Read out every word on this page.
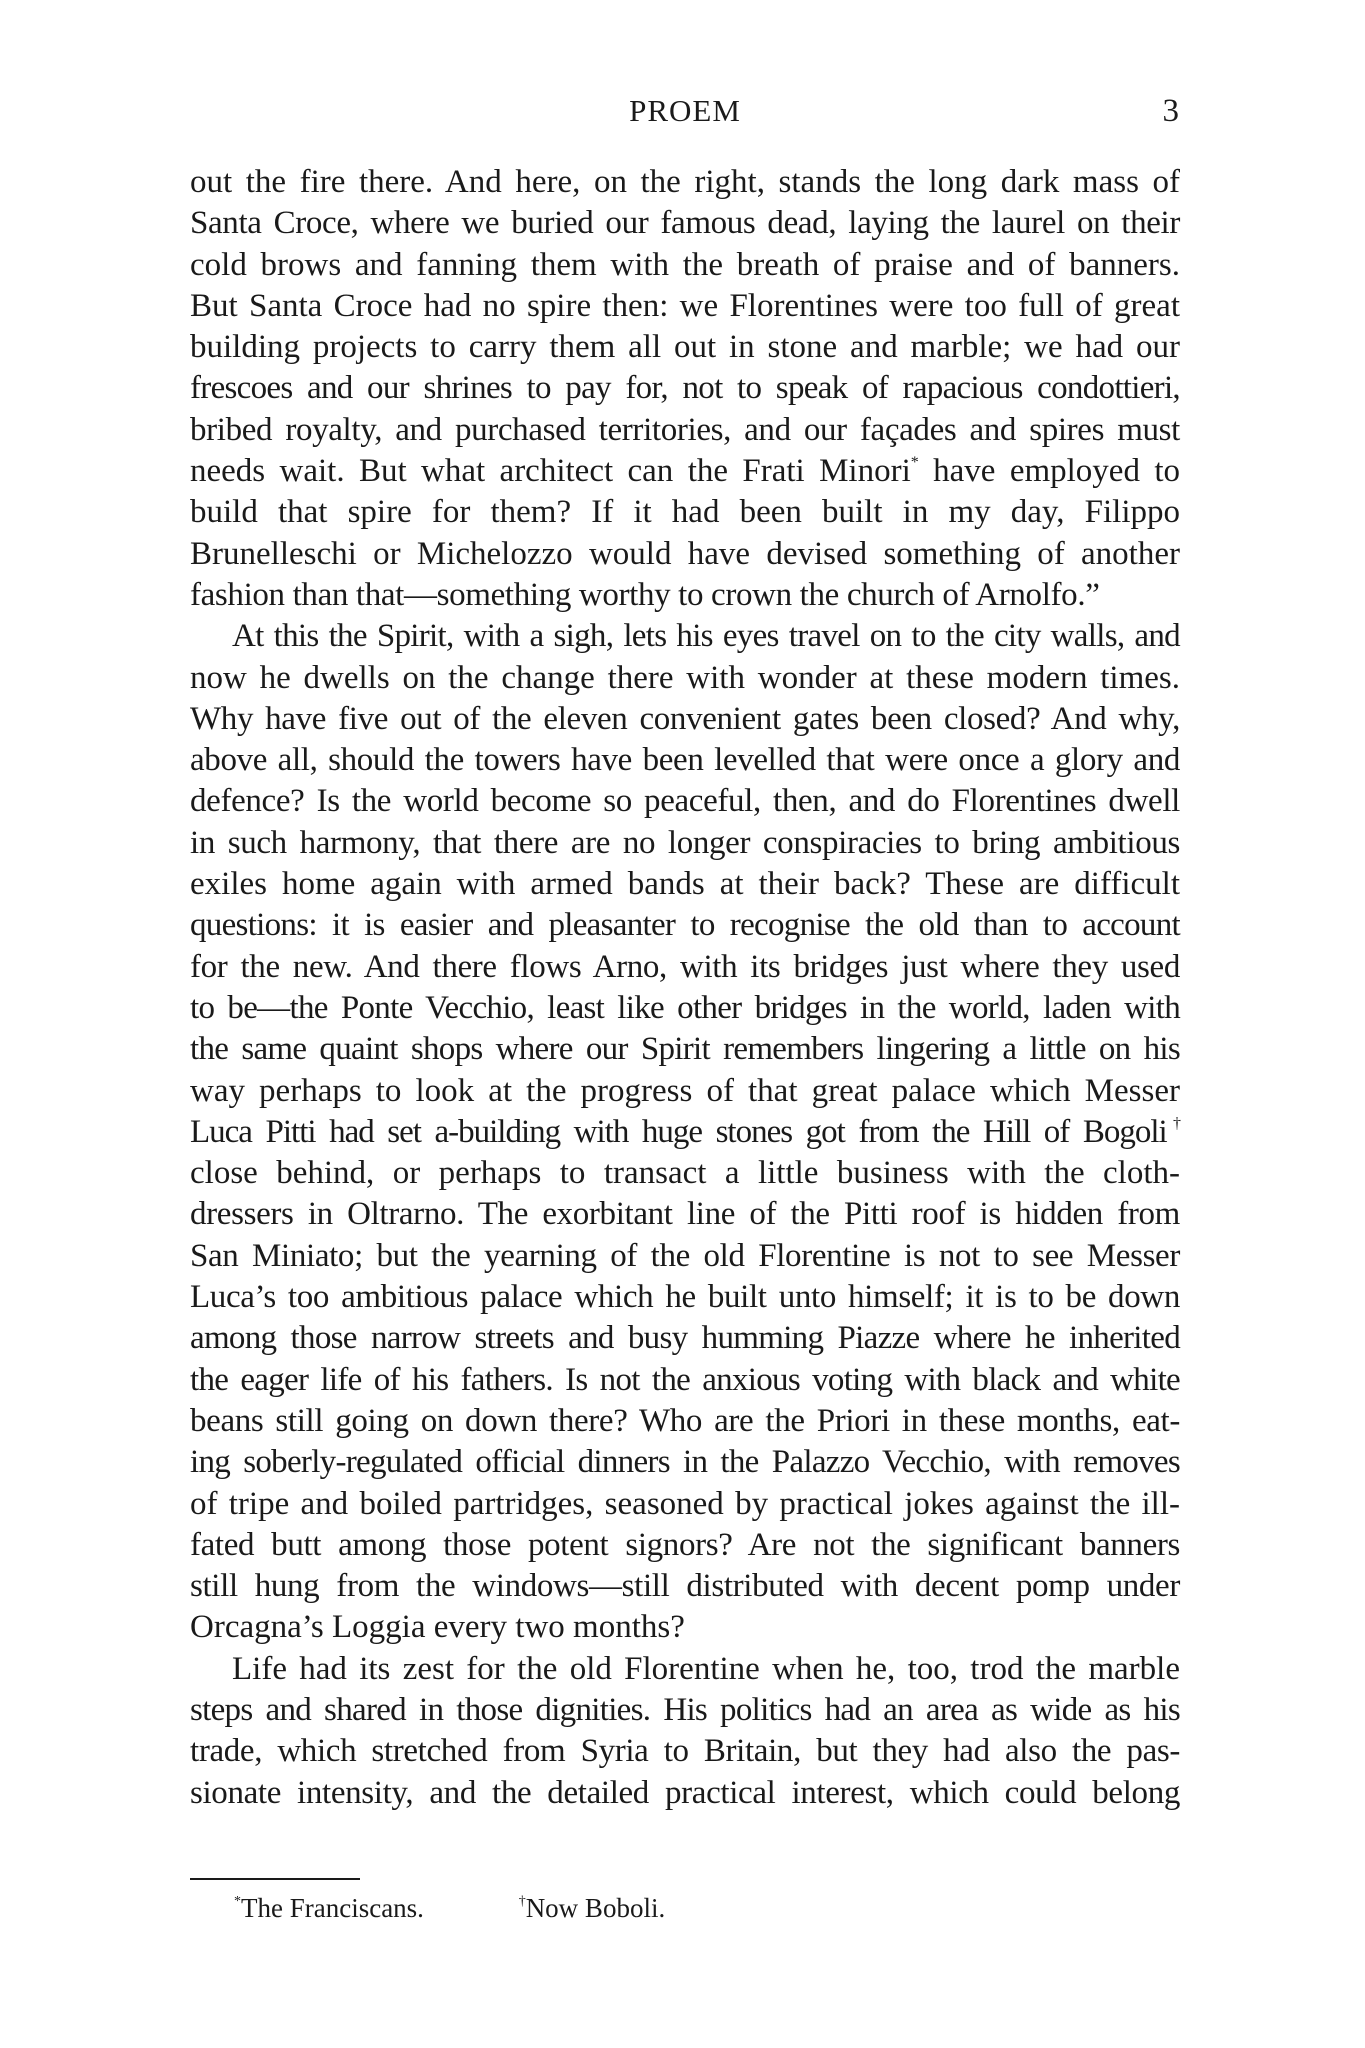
PROEM	3
out the fire there. And here, on the right, stands the long dark mass of
Santa Croce, where we buried our famous dead, laying the laurel on their
cold brows and fanning them with the breath of praise and of banners.
But Santa Croce had no spire then: we Florentines were too full of great
building projects to carry them all out in stone and marble; we had our
frescoes and our shrines to pay for, not to speak of rapacious condottieri,
bribed royalty, and purchased territories, and our façades and spires must
needs wait. But what architect can the Frati Minori* have employed to
build that spire for them? If it had been built in my day, Filippo
Brunelleschi or Michelozzo would have devised something of another
fashion than that—something worthy to crown the church of Arnolfo.”
At this the Spirit, with a sigh, lets his eyes travel on to the city walls, and
now he dwells on the change there with wonder at these modern times.
Why have five out of the eleven convenient gates been closed? And why,
above all, should the towers have been levelled that were once a glory and
defence? Is the world become so peaceful, then, and do Florentines dwell
in such harmony, that there are no longer conspiracies to bring ambitious
exiles home again with armed bands at their back? These are difficult
questions: it is easier and pleasanter to recognise the old than to account
for the new. And there flows Arno, with its bridges just where they used
to be—the Ponte Vecchio, least like other bridges in the world, laden with
the same quaint shops where our Spirit remembers lingering a little on his
way perhaps to look at the progress of that great palace which Messer
Luca Pitti had set a-building with huge stones got from the Hill of Bogoli†
close behind, or perhaps to transact a little business with the cloth-
dressers in Oltrarno. The exorbitant line of the Pitti roof is hidden from
San Miniato; but the yearning of the old Florentine is not to see Messer
Luca’s too ambitious palace which he built unto himself; it is to be down
among those narrow streets and busy humming Piazze where he inherited
the eager life of his fathers. Is not the anxious voting with black and white
beans still going on down there? Who are the Priori in these months, eat-
ing soberly-regulated official dinners in the Palazzo Vecchio, with removes
of tripe and boiled partridges, seasoned by practical jokes against the ill-
fated butt among those potent signors? Are not the significant banners
still hung from the windows—still distributed with decent pomp under
Orcagna’s Loggia every two months?
Life had its zest for the old Florentine when he, too, trod the marble
steps and shared in those dignities. His politics had an area as wide as his
trade, which stretched from Syria to Britain, but they had also the pas-
sionate intensity, and the detailed practical interest, which could belong
*The Franciscans.	†Now Boboli.
